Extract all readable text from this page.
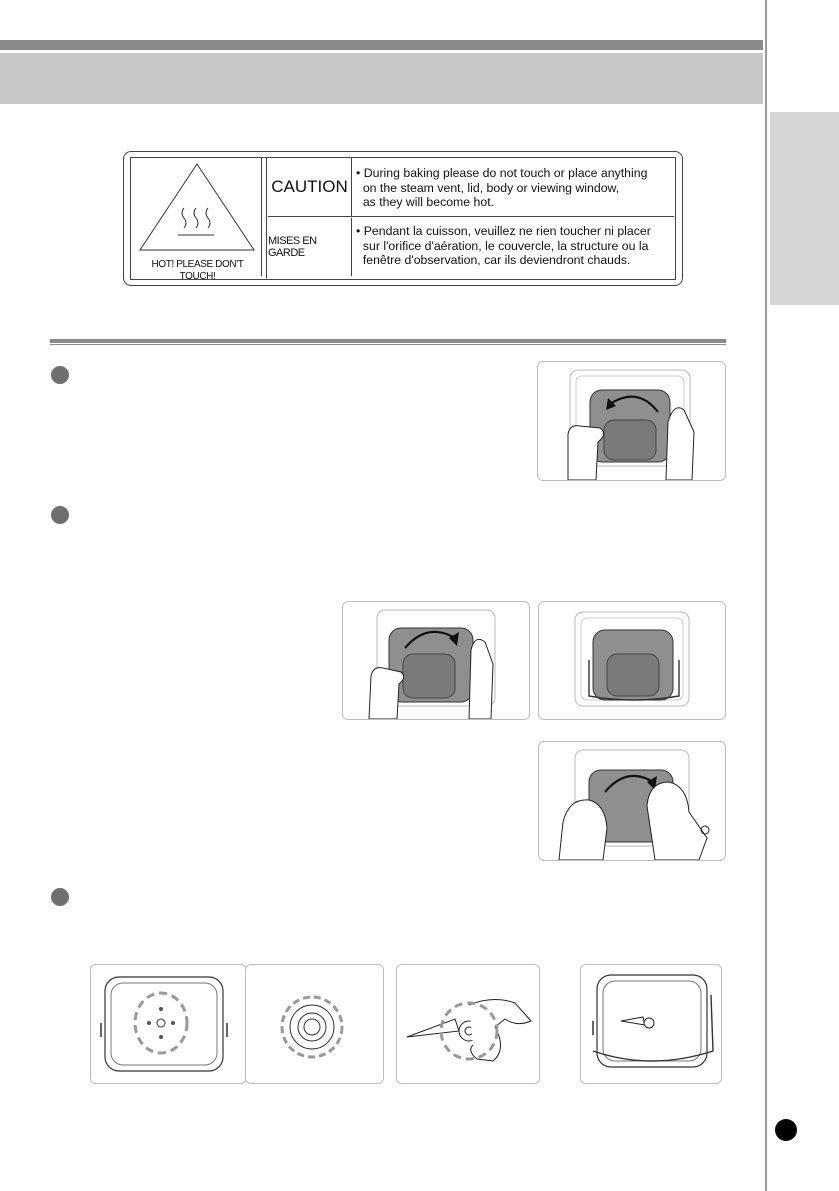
HOT! PLEASE DON'T TOUCH!
CAUTION
MISES EN GARDE

• During baking please do not touch or place anything

on the steam vent, lid, body or viewing window,

as they will become hot.

• Pendant la cuisson, veuillez ne rien toucher ni placer

sur l'orifice d'aération, le couvercle, la structure ou la

fenêtre d'observation, car ils deviendront chauds.
